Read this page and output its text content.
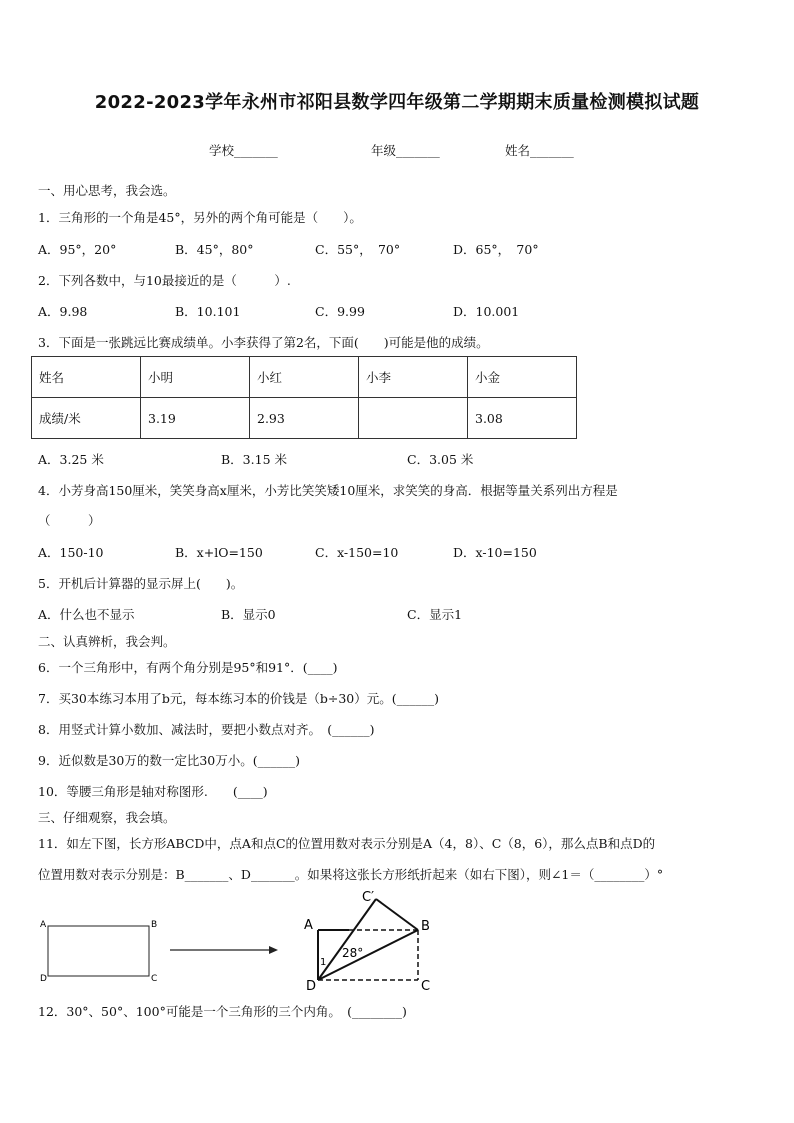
2022-2023学年永州市祁阳县数学四年级第二学期期末质量检测模拟试题
学校_______	年级_______	姓名_______
一、用心思考，我会选。
1．三角形的一个角是45°，另外的两个角可能是（　　）。
A．95°，20°	B．45°，80°	C．55°，　70°	D．65°，　70°
2．下列各数中，与10最接近的是（　　　）.
A．9.98	B．10.101	C．9.99	D．10.001
3．下面是一张跳远比赛成绩单。小李获得了第2名，下面(　　)可能是他的成绩。
姓名	小明	小红	小李	小金
成绩/米	3.19	2.93		3.08
A．3.25 米	B．3.15 米	C．3.05 米
4．小芳身高150厘米，笑笑身高x厘米，小芳比笑笑矮10厘米，求笑笑的身高．根据等量关系列出方程是
（　　　）
A．150-10	B．x+lO=150	C．x-150=10	D．x-10=150
5．开机后计算器的显示屏上(　　)。
A．什么也不显示	B．显示0	C．显示1
二、认真辨析，我会判。
6．一个三角形中，有两个角分别是95°和91°．(____)
7．买30本练习本用了b元，每本练习本的价钱是（b÷30）元。(______)
8．用竖式计算小数加、减法时，要把小数点对齐。　(______)
9．近似数是30万的数一定比30万小。(______)
10．等腰三角形是轴对称图形.　　(____)
三、仔细观察，我会填。
11．如左下图，长方形ABCD中，点A和点C的位置用数对表示分别是A（4，8）、C（8，6），那么点B和点D的
位置用数对表示分别是：B_______、D_______。如果将这张长方形纸折起来（如右下图），则∠1＝（________）°
A	B
D	C
A
C′
B
D	C
1
28°
12．30°、50°、100°可能是一个三角形的三个内角。　(________)
